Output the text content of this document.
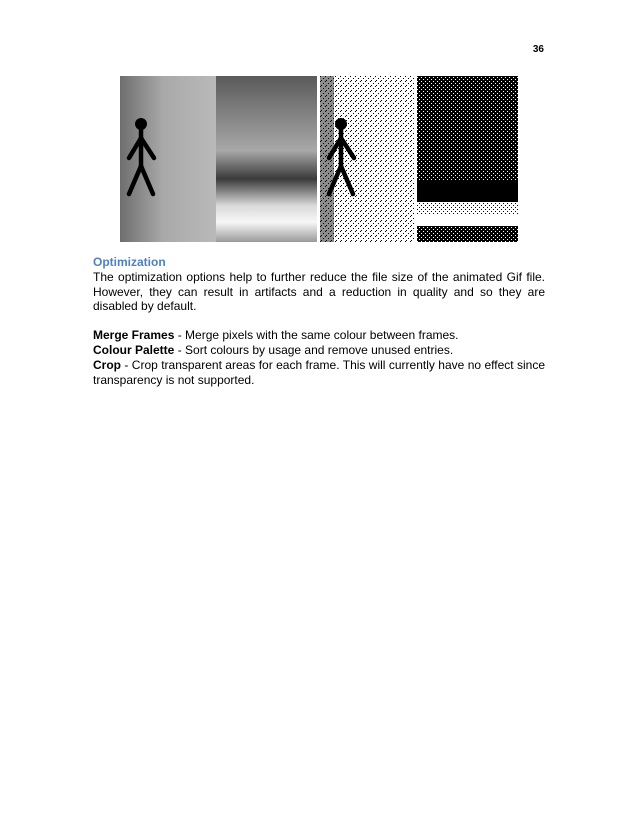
36

Optimization

The optimization options help to further reduce the file size of the animated Gif file. However, they can result in artifacts and a reduction in quality and so they are disabled by default.

Merge Frames - Merge pixels with the same colour between frames.

Colour Palette - Sort colours by usage and remove unused entries.

Crop - Crop transparent areas for each frame. This will currently have no effect since transparency is not supported.
